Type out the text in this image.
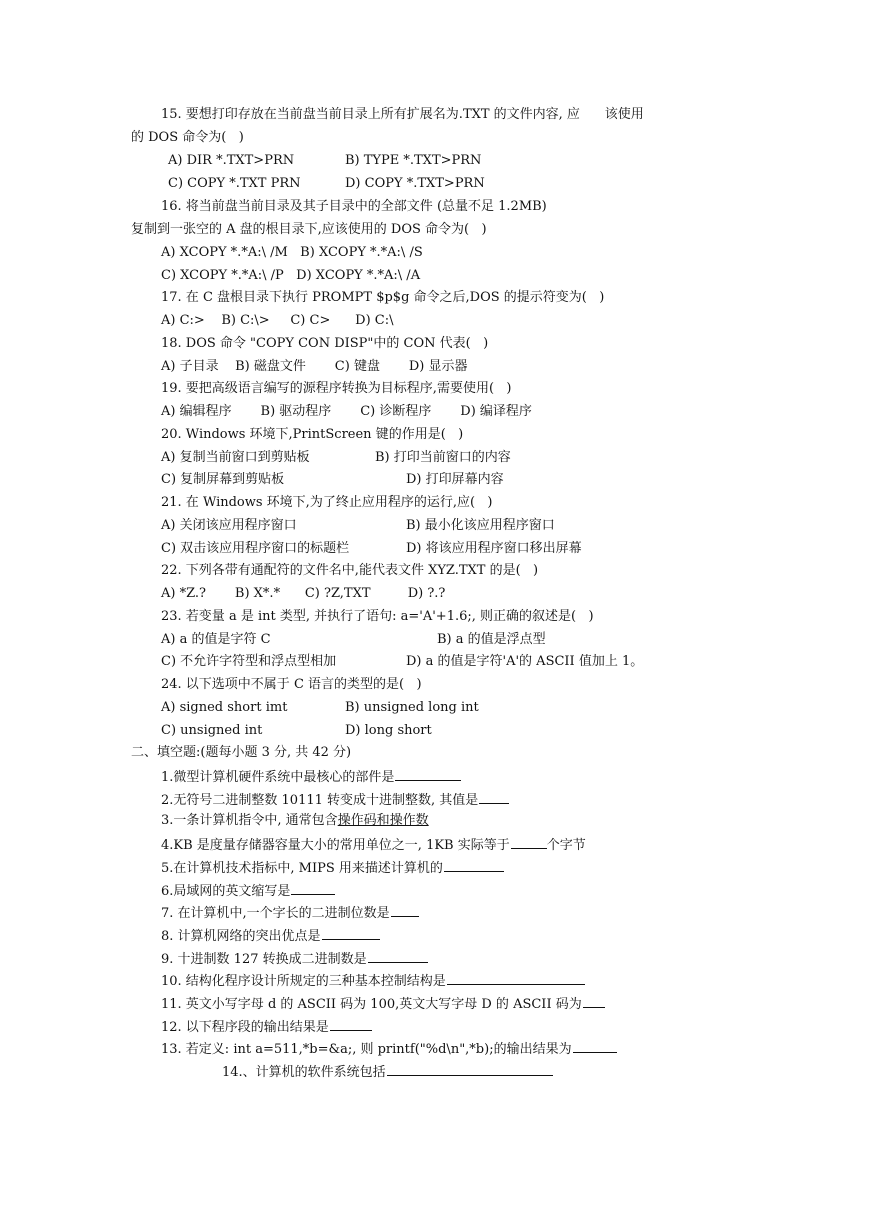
15. 要想打印存放在当前盘当前目录上所有扩展名为.TXT 的文件内容, 应      该使用
的 DOS 命令为(   )
A) DIR *.TXT>PRN	B) TYPE *.TXT>PRN
C) COPY *.TXT PRN	D) COPY *.TXT>PRN
16. 将当前盘当前目录及其子目录中的全部文件 (总量不足 1.2MB)
复制到一张空的 A 盘的根目录下,应该使用的 DOS 命令为(   )
A) XCOPY *.*A:\ /M   B) XCOPY *.*A:\ /S
C) XCOPY *.*A:\ /P   D) XCOPY *.*A:\ /A
17. 在 C 盘根目录下执行 PROMPT $p$g 命令之后,DOS 的提示符变为(   )
A) C:>    B) C:\>     C) C>      D) C:\
18. DOS 命令 "COPY CON DISP"中的 CON 代表(   )
A) 子目录    B) 磁盘文件       C) 键盘       D) 显示器
19. 要把高级语言编写的源程序转换为目标程序,需要使用(   )
A) 编辑程序       B) 驱动程序       C) 诊断程序       D) 编译程序
20. Windows 环境下,PrintScreen 键的作用是(   )
A) 复制当前窗口到剪贴板	B) 打印当前窗口的内容
C) 复制屏幕到剪贴板	D) 打印屏幕内容
21. 在 Windows 环境下,为了终止应用程序的运行,应(   )
A) 关闭该应用程序窗口	B) 最小化该应用程序窗口
C) 双击该应用程序窗口的标题栏	D) 将该应用程序窗口移出屏幕
22. 下列各带有通配符的文件名中,能代表文件 XYZ.TXT 的是(   )
A) *Z.?       B) X*.*      C) ?Z,TXT         D) ?.?
23. 若变量 a 是 int 类型, 并执行了语句: a='A'+1.6;, 则正确的叙述是(   )
A) a 的值是字符 C	B) a 的值是浮点型
C) 不允许字符型和浮点型相加	D) a 的值是字符'A'的 ASCII 值加上 1。
24. 以下选项中不属于 C 语言的类型的是(   )
A) signed short imt	B) unsigned long int
C) unsigned int	D) long short
二、填空题:(题每小题 3 分, 共 42 分)
1.微型计算机硬件系统中最核心的部件是
2.无符号二进制整数 10111 转变成十进制整数, 其值是
3.一条计算机指令中, 通常包含操作码和操作数
4.KB 是度量存储器容量大小的常用单位之一, 1KB 实际等于	个字节
5.在计算机技术指标中, MIPS 用来描述计算机的
6.局域网的英文缩写是
7. 在计算机中,一个字长的二进制位数是
8. 计算机网络的突出优点是
9. 十进制数 127 转换成二进制数是
10. 结构化程序设计所规定的三种基本控制结构是
11. 英文小写字母 d 的 ASCII 码为 100,英文大写字母 D 的 ASCII 码为
12. 以下程序段的输出结果是
13. 若定义: int a=511,*b=&a;, 则 printf("%d\n",*b);的输出结果为
14.、计算机的软件系统包括
